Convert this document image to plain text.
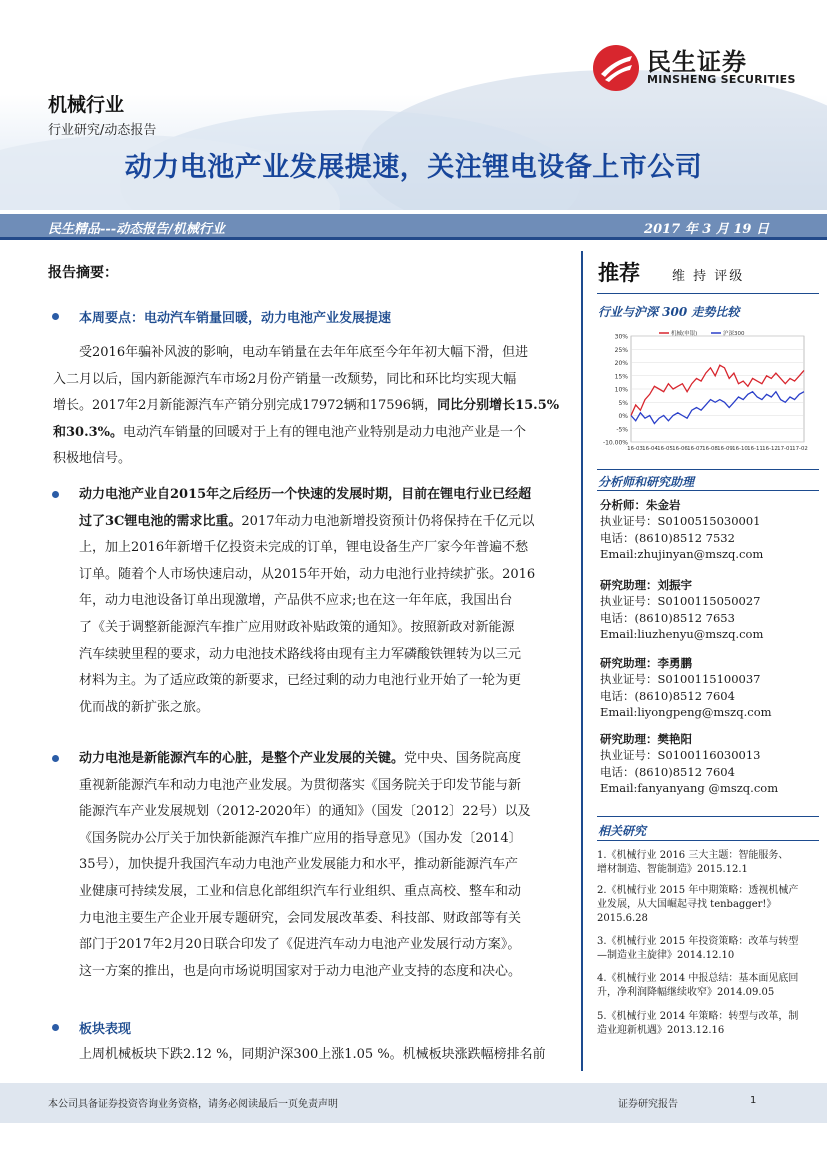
民生证券
MINSHENG SECURITIES
机械行业
行业研究/动态报告
动力电池产业发展提速，关注锂电设备上市公司
民生精品---动态报告/机械行业	2017 年 3 月 19 日
报告摘要：
本周要点：电动汽车销量回暖，动力电池产业发展提速
受2016年骗补风波的影响，电动车销量在去年年底至今年年初大幅下滑，但进
入二月以后，国内新能源汽车市场2月份产销量一改颓势，同比和环比均实现大幅
增长。2017年2月新能源汽车产销分别完成17972辆和17596辆，同比分别增长15.5%
和30.3%。电动汽车销量的回暖对于上有的锂电池产业特别是动力电池产业是一个
积极地信号。
动力电池产业自2015年之后经历一个快速的发展时期，目前在锂电行业已经超
过了3C锂电池的需求比重。2017年动力电池新增投资预计仍将保持在千亿元以
上，加上2016年新增千亿投资未完成的订单，锂电设备生产厂家今年普遍不愁
订单。随着个人市场快速启动，从2015年开始，动力电池行业持续扩张。2016
年，动力电池设备订单出现激增，产品供不应求;也在这一年年底，我国出台
了《关于调整新能源汽车推广应用财政补贴政策的通知》。按照新政对新能源
汽车续驶里程的要求，动力电池技术路线将由现有主力军磷酸铁锂转为以三元
材料为主。为了适应政策的新要求，已经过剩的动力电池行业开始了一轮为更
优而战的新扩张之旅。
动力电池是新能源汽车的心脏，是整个产业发展的关键。党中央、国务院高度
重视新能源汽车和动力电池产业发展。为贯彻落实《国务院关于印发节能与新
能源汽车产业发展规划（2012-2020年）的通知》（国发〔2012〕22号）以及
《国务院办公厅关于加快新能源汽车推广应用的指导意见》（国办发〔2014〕
35号），加快提升我国汽车动力电池产业发展能力和水平，推动新能源汽车产
业健康可持续发展，工业和信息化部组织汽车行业组织、重点高校、整车和动
力电池主要生产企业开展专题研究，会同发展改革委、科技部、财政部等有关
部门于2017年2月20日联合印发了《促进汽车动力电池产业发展行动方案》。
这一方案的推出，也是向市场说明国家对于动力电池产业支持的态度和决心。
板块表现
上周机械板块下跌2.12 %，同期沪深300上涨1.05 %。机械板块涨跌幅榜排名前
推荐 维 持 评级
行业与沪深 300 走势比较
30%
25%
20%
15%
10%
5%
0%
-5%
-10.00%
16-03 16-04 16-05 16-06 16-07 16-08 16-09 16-10 16-11 16-12 17-01 17-02
机械(申银)	沪深300
分析师和研究助理
分析师：朱金岩
执业证号：S0100515030001
电话：(8610)8512 7532
Email:zhujinyan@mszq.com
研究助理：刘振宇
执业证号：S0100115050027
电话：(8610)8512 7653
Email:liuzhenyu@mszq.com
研究助理：李勇鹏
执业证号：S0100115100037
电话：(8610)8512 7604
Email:liyongpeng@mszq.com
研究助理：樊艳阳
执业证号：S0100116030013
电话：(8610)8512 7604
Email:fanyanyang @mszq.com
相关研究
1.《机械行业 2016 三大主题：智能服务、
增材制造、智能制造》2015.12.1
2.《机械行业 2015 年中期策略：透视机械产
业发展，从大国崛起寻找 tenbagger!》
2015.6.28
3.《机械行业 2015 年投资策略：改革与转型
—制造业主旋律》2014.12.10
4.《机械行业 2014 中报总结：基本面见底回
升，净利润降幅继续收窄》2014.09.05
5.《机械行业 2014 年策略：转型与改革，制
造业迎新机遇》2013.12.16
本公司具备证券投资咨询业务资格，请务必阅读最后一页免责声明	证券研究报告	1
